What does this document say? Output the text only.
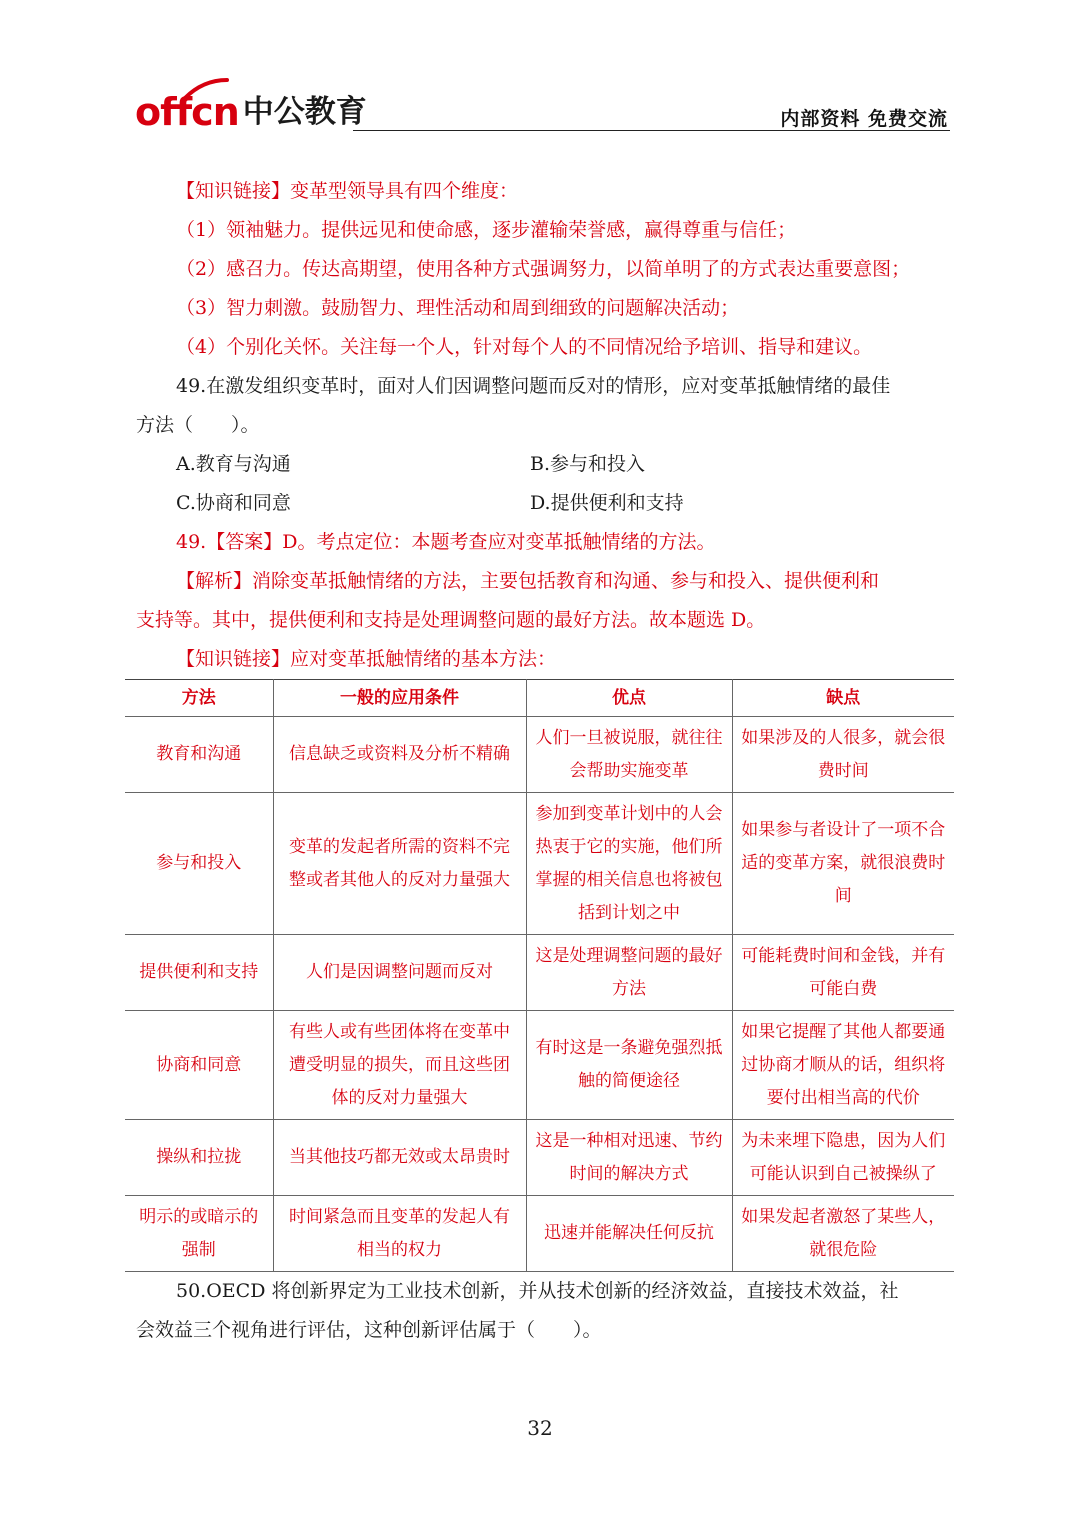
offcn 中公教育	内部资料 免费交流
【知识链接】变革型领导具有四个维度：
（1）领袖魅力。提供远见和使命感，逐步灌输荣誉感，赢得尊重与信任；
（2）感召力。传达高期望，使用各种方式强调努力，以简单明了的方式表达重要意图；
（3）智力刺激。鼓励智力、理性活动和周到细致的问题解决活动；
（4）个别化关怀。关注每一个人，针对每个人的不同情况给予培训、指导和建议。
49.在激发组织变革时，面对人们因调整问题而反对的情形，应对变革抵触情绪的最佳
方法（　　）。
A.教育与沟通	B.参与和投入
C.协商和同意	D.提供便利和支持
49.【答案】D。考点定位：本题考查应对变革抵触情绪的方法。
【解析】消除变革抵触情绪的方法，主要包括教育和沟通、参与和投入、提供便利和
支持等。其中，提供便利和支持是处理调整问题的最好方法。故本题选 D。
【知识链接】应对变革抵触情绪的基本方法：
方法	一般的应用条件	优点	缺点
教育和沟通	信息缺乏或资料及分析不精确	人们一旦被说服，就往往会帮助实施变革	如果涉及的人很多，就会很费时间
参与和投入	变革的发起者所需的资料不完整或者其他人的反对力量强大	参加到变革计划中的人会热衷于它的实施，他们所掌握的相关信息也将被包括到计划之中	如果参与者设计了一项不合适的变革方案，就很浪费时间
提供便利和支持	人们是因调整问题而反对	这是处理调整问题的最好方法	可能耗费时间和金钱，并有可能白费
协商和同意	有些人或有些团体将在变革中遭受明显的损失，而且这些团体的反对力量强大	有时这是一条避免强烈抵触的简便途径	如果它提醒了其他人都要通过协商才顺从的话，组织将要付出相当高的代价
操纵和拉拢	当其他技巧都无效或太昂贵时	这是一种相对迅速、节约时间的解决方式	为未来埋下隐患，因为人们可能认识到自己被操纵了
明示的或暗示的强制	时间紧急而且变革的发起人有相当的权力	迅速并能解决任何反抗	如果发起者激怒了某些人，就很危险
50.OECD 将创新界定为工业技术创新，并从技术创新的经济效益，直接技术效益，社
会效益三个视角进行评估，这种创新评估属于（　　）。
32
